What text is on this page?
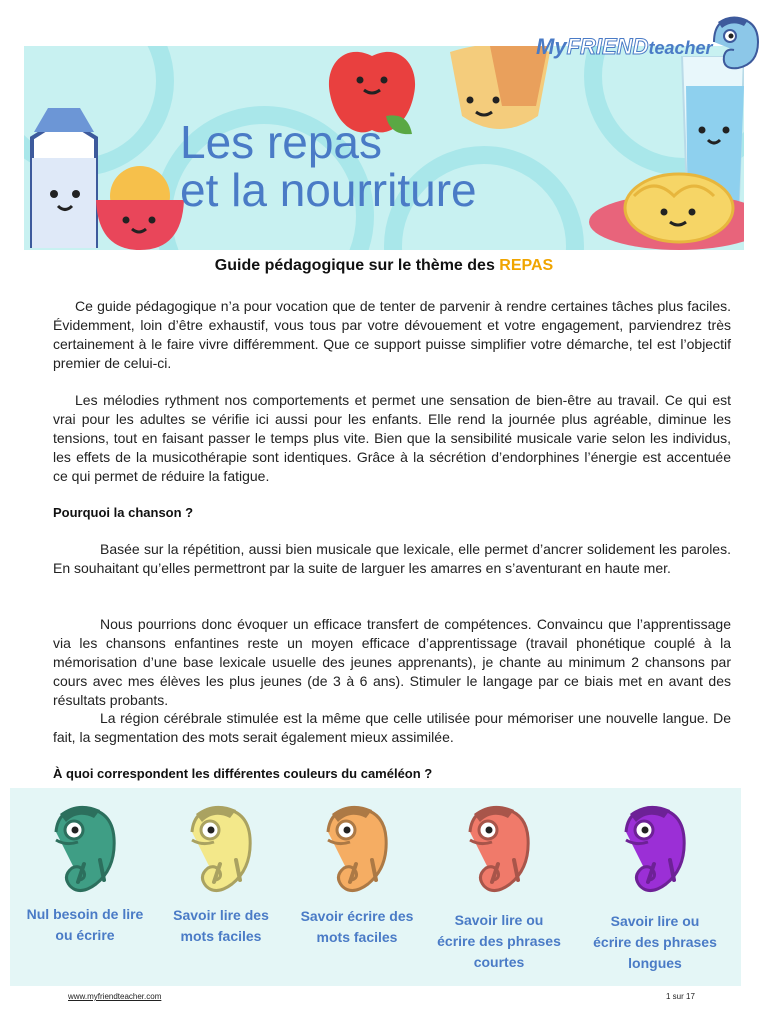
Les repas
et la nourriture
MyFRIENDteacher
Guide pédagogique sur le thème des REPAS

Ce guide pédagogique n’a pour vocation que de tenter de parvenir à rendre certaines tâches plus faciles. Évidemment, loin d’être exhaustif, vous tous par votre dévouement et votre engagement, parviendrez très certainement à le faire vivre différemment. Que ce support puisse simplifier votre démarche, tel est l’objectif premier de celui-ci.

Les mélodies rythment nos comportements et permet une sensation de bien-être au travail. Ce qui est vrai pour les adultes se vérifie ici aussi pour les enfants. Elle rend la journée plus agréable, diminue les tensions, tout en faisant passer le temps plus vite. Bien que la sensibilité musicale varie selon les individus, les effets de la musicothérapie sont identiques. Grâce à la sécrétion d’endorphines l’énergie est accentuée ce qui permet de réduire la fatigue.

Pourquoi la chanson ?

Basée sur la répétition, aussi bien musicale que lexicale, elle permet d’ancrer solidement les paroles. En souhaitant qu’elles permettront par la suite de larguer les amarres en s’aventurant en haute mer.

Nous pourrions donc évoquer un efficace transfert de compétences. Convaincu que l’apprentissage via les chansons enfantines reste un moyen efficace d’apprentissage (travail phonétique couplé à la mémorisation d’une base lexicale usuelle des jeunes apprenants), je chante au minimum 2 chansons par cours avec mes élèves les plus jeunes (de 3 à 6 ans). Stimuler le langage par ce biais met en avant des résultats probants.

La région cérébrale stimulée est la même que celle utilisée pour mémoriser une nouvelle langue. De fait, la segmentation des mots serait également mieux assimilée.

À quoi correspondent les différentes couleurs du caméléon ?
Nul besoin de lire ou écrire
Savoir lire des mots faciles
Savoir écrire des mots faciles
Savoir lire ou écrire des phrases courtes
Savoir lire ou écrire des phrases longues
www.myfriendteacher.com	1 sur 17
